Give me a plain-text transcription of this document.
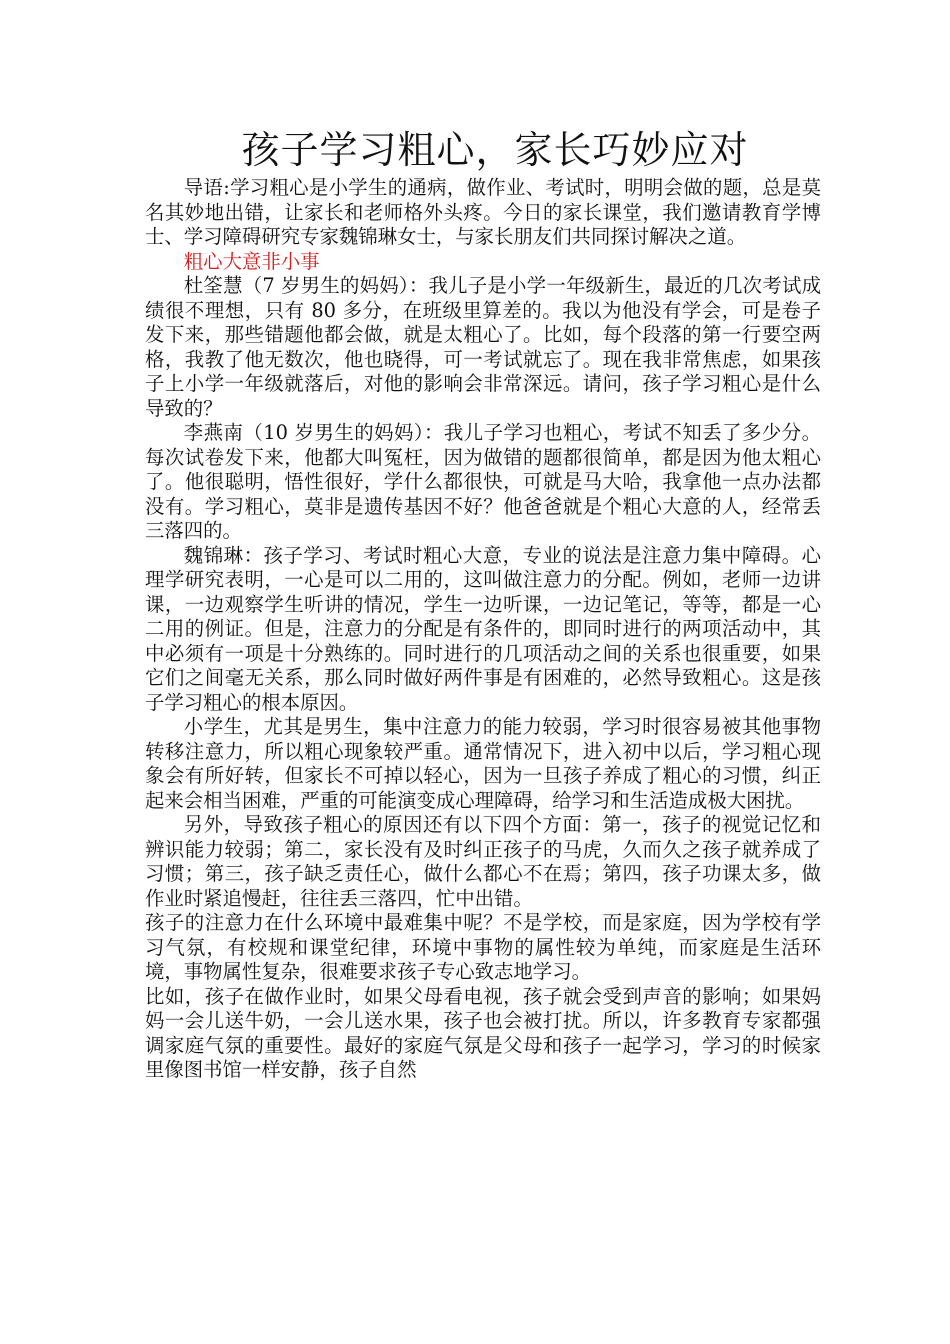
孩子学习粗心，家长巧妙应对

导语:学习粗心是小学生的通病，做作业、考试时，明明会做的题，总是莫名其妙地出错，让家长和老师格外头疼。今日的家长课堂，我们邀请教育学博士、学习障碍研究专家魏锦琳女士，与家长朋友们共同探讨解决之道。

粗心大意非小事

杜筌慧（7 岁男生的妈妈）：我儿子是小学一年级新生，最近的几次考试成绩很不理想，只有 80 多分，在班级里算差的。我以为他没有学会，可是卷子发下来，那些错题他都会做，就是太粗心了。比如，每个段落的第一行要空两格，我教了他无数次，他也晓得，可一考试就忘了。现在我非常焦虑，如果孩子上小学一年级就落后，对他的影响会非常深远。请问，孩子学习粗心是什么导致的？

李燕南（10 岁男生的妈妈）：我儿子学习也粗心，考试不知丢了多少分。每次试卷发下来，他都大叫冤枉，因为做错的题都很简单，都是因为他太粗心了。他很聪明，悟性很好，学什么都很快，可就是马大哈，我拿他一点办法都没有。学习粗心，莫非是遗传基因不好？他爸爸就是个粗心大意的人，经常丢三落四的。

魏锦琳：孩子学习、考试时粗心大意，专业的说法是注意力集中障碍。心理学研究表明，一心是可以二用的，这叫做注意力的分配。例如，老师一边讲课，一边观察学生听讲的情况，学生一边听课，一边记笔记，等等，都是一心二用的例证。但是，注意力的分配是有条件的，即同时进行的两项活动中，其中必须有一项是十分熟练的。同时进行的几项活动之间的关系也很重要，如果它们之间毫无关系，那么同时做好两件事是有困难的，必然导致粗心。这是孩子学习粗心的根本原因。

小学生，尤其是男生，集中注意力的能力较弱，学习时很容易被其他事物转移注意力，所以粗心现象较严重。通常情况下，进入初中以后，学习粗心现象会有所好转，但家长不可掉以轻心，因为一旦孩子养成了粗心的习惯，纠正起来会相当困难，严重的可能演变成心理障碍，给学习和生活造成极大困扰。

另外，导致孩子粗心的原因还有以下四个方面：第一，孩子的视觉记忆和辨识能力较弱；第二，家长没有及时纠正孩子的马虎，久而久之孩子就养成了习惯；第三，孩子缺乏责任心，做什么都心不在焉；第四，孩子功课太多，做作业时紧追慢赶，往往丢三落四，忙中出错。

孩子的注意力在什么环境中最难集中呢？不是学校，而是家庭，因为学校有学习气氛，有校规和课堂纪律，环境中事物的属性较为单纯，而家庭是生活环境，事物属性复杂，很难要求孩子专心致志地学习。

比如，孩子在做作业时，如果父母看电视，孩子就会受到声音的影响；如果妈妈一会儿送牛奶，一会儿送水果，孩子也会被打扰。所以，许多教育专家都强调家庭气氛的重要性。最好的家庭气氛是父母和孩子一起学习，学习的时候家里像图书馆一样安静，孩子自然
